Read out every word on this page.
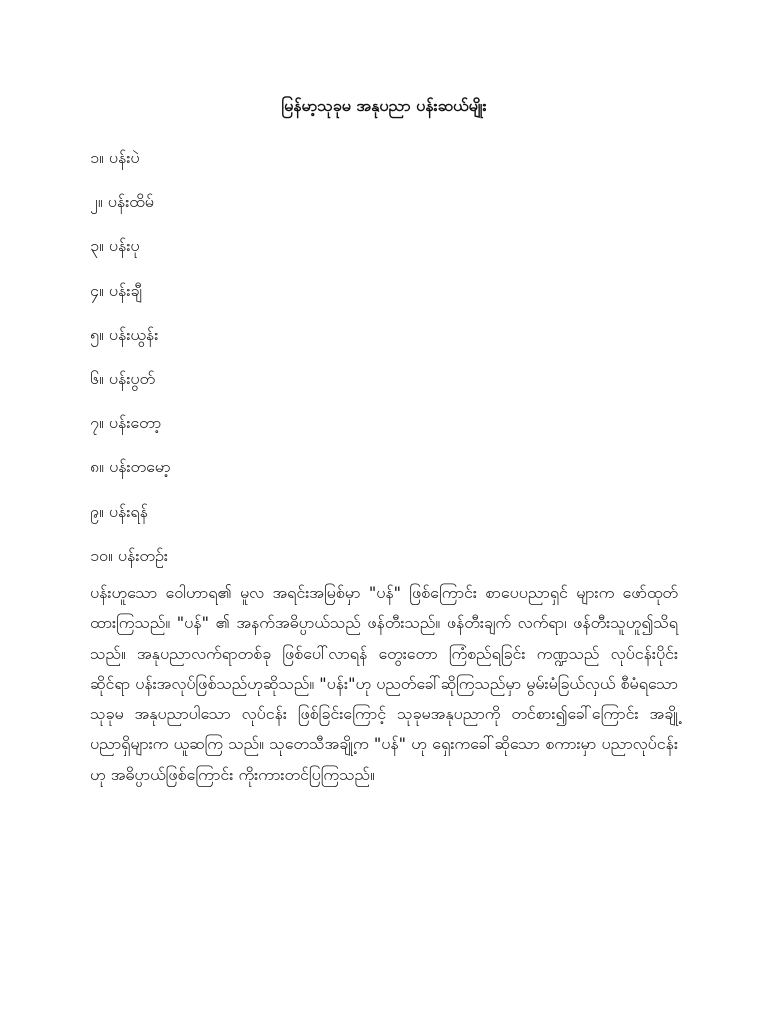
မြန်မာ့သုခုမ အနုပညာ ပန်းဆယ်မျိုး
၁။ ပန်းပဲ
၂။ ပန်းထိမ်
၃။ ပန်းပု
၄။ ပန်းချီ
၅။ ပန်းယွန်း
၆။ ပန်းပွတ်
၇။ ပန်းတော့
၈။ ပန်းတမော့
၉။ ပန်းရန်
၁၀။ ပန်းတဉ်း

ပန်းဟူသော ဝေါဟာရ၏ မူလ အရင်းအမြစ်မှာ "ပန်" ဖြစ်ကြောင်း စာပေပညာရှင် များက ဖော်ထုတ်ထားကြသည်။ "ပန်" ၏ အနက်အဓိပ္ပာယ်သည် ဖန်တီးသည်။ ဖန်တီးချက် လက်ရာ၊ ဖန်တီးသူဟူ၍သိရသည်။ အနုပညာလက်ရာတစ်ခု ဖြစ်ပေါ်လာရန် တွေးတော ကြံစည်ရခြင်း ကဏ္ဍသည် လုပ်ငန်းပိုင်းဆိုင်ရာ ပန်းအလုပ်ဖြစ်သည်ဟုဆိုသည်။ "ပန်း"ဟု ပညတ်ခေါ်ဆိုကြသည်မှာ မွမ်းမံခြယ်လှယ် စီမံရသော သုခုမ အနုပညာပါသော လုပ်ငန်း ဖြစ်ခြင်းကြောင့် သုခုမအနုပညာကို တင်စား၍ခေါ်ကြောင်း အချို့ပညာရှိများက ယူဆကြ သည်။ သုတေသီအချို့က "ပန်" ဟု ရှေးကခေါ်ဆိုသော စကားမှာ ပညာလုပ်ငန်းဟု အဓိပ္ပာယ်ဖြစ်ကြောင်း ကိုးကားတင်ပြကြသည်။
